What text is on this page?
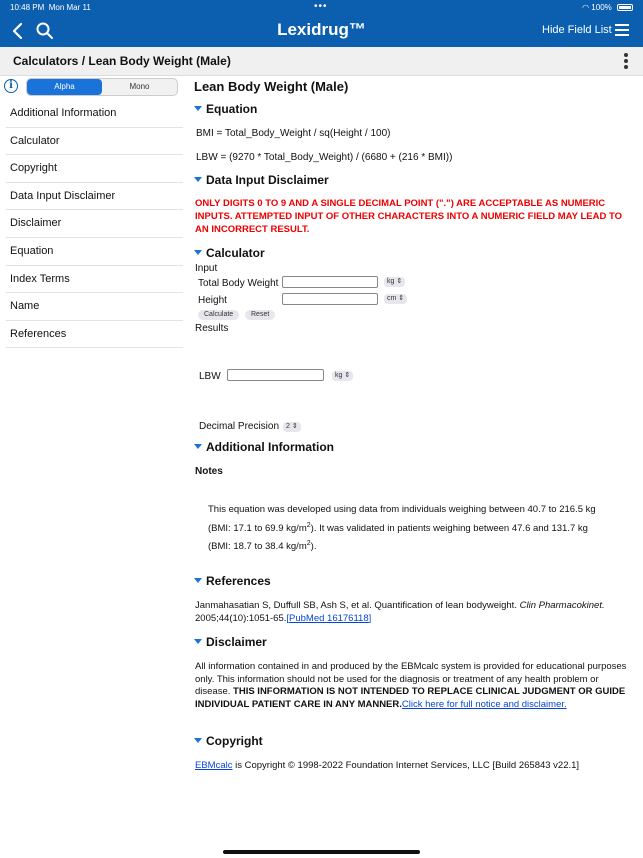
10:48 PM Mon Mar 11	•••	◠ 100%
Lexidrug™	Hide Field List
Calculators / Lean Body Weight (Male)
i	Alpha	Mono
Additional Information
Calculator
Copyright
Data Input Disclaimer
Disclaimer
Equation
Index Terms
Name
References
Lean Body Weight (Male)
Equation
BMI = Total_Body_Weight / sq(Height / 100)
LBW = (9270 * Total_Body_Weight) / (6680 + (216 * BMI))
Data Input Disclaimer
ONLY DIGITS 0 TO 9 AND A SINGLE DECIMAL POINT (".") ARE ACCEPTABLE AS NUMERIC INPUTS. ATTEMPTED INPUT OF OTHER CHARACTERS INTO A NUMERIC FIELD MAY LEAD TO AN INCORRECT RESULT.
Calculator
Input
Total Body Weight	kg ⇕
Height	cm ⇕
Calculate	Reset
Results
LBW	kg ⇕
Decimal Precision 2 ⇕
Additional Information
Notes
This equation was developed using data from individuals weighing between 40.7 to 216.5 kg
(BMI: 17.1 to 69.9 $kg/m^2$). It was validated in patients weighing between 47.6 and 131.7 kg
(BMI: 18.7 to 38.4 $kg/m^2$).
References
Janmahasatian S, Duffull SB, Ash S, et al. Quantification of lean bodyweight. Clin Pharmacokinet. 2005;44(10):1051-65.[PubMed 16176118]
Disclaimer
All information contained in and produced by the EBMcalc system is provided for educational purposes only. This information should not be used for the diagnosis or treatment of any health problem or disease. THIS INFORMATION IS NOT INTENDED TO REPLACE CLINICAL JUDGMENT OR GUIDE INDIVIDUAL PATIENT CARE IN ANY MANNER.Click here for full notice and disclaimer.
Copyright
EBMcalc is Copyright © 1998-2022 Foundation Internet Services, LLC [Build 265843 v22.1]
